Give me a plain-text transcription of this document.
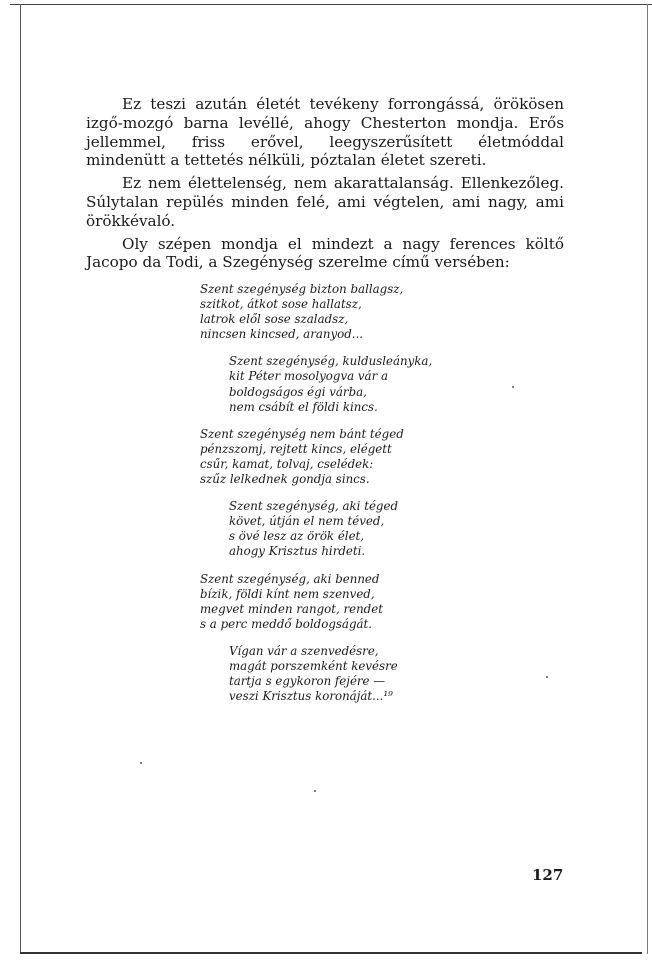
Ez teszi azután életét tevékeny forrongássá, örökösen izgő-mozgó barna levéllé, ahogy Chesterton mondja. Erős jellemmel, friss erővel, leegyszerűsített életmóddal mindenütt a tettetés nélküli, póztalan életet szereti.

Ez nem élettelenség, nem akarattalanság. Ellenkezőleg. Súlytalan repülés minden felé, ami végtelen, ami nagy, ami örökkévaló.

Oly szépen mondja el mindezt a nagy ferences költő Jacopo da Todi, a Szegénység szerelme című versében:

Szent szegénység bizton ballagsz,
szitkot, átkot sose hallatsz,
latrok elől sose szaladsz,
nincsen kincsed, aranyod...
Szent szegénység, kuldusleányka,
kit Péter mosolyogva vár a
boldogságos égi várba,
nem csábít el földi kincs.
Szent szegénység nem bánt téged
pénzszomj, rejtett kincs, elégett
csűr, kamat, tolvaj, cselédek:
szűz lelkednek gondja sincs.
Szent szegénység, aki téged
követ, útján el nem téved,
s övé lesz az örök élet,
ahogy Krisztus hirdeti.
Szent szegénység, aki benned
bízik, földi kínt nem szenved,
megvet minden rangot, rendet
s a perc meddő boldogságát.
Vígan vár a szenvedésre,
magát porszemként kevésre
tartja s egykoron fejére —
veszi Krisztus koronáját...¹⁹
127
